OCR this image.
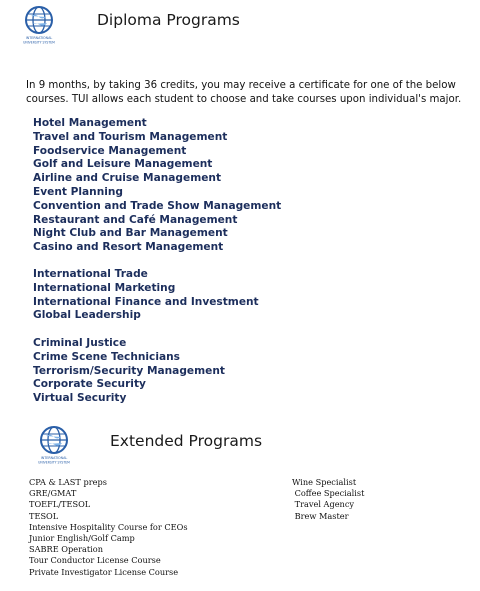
INTERNATIONAL
UNIVERSITY SYSTEM
Diploma Programs

In 9 months, by taking 36 credits, you may receive a certificate for one of the below
courses. TUI allows each student to choose and take courses upon individual's major.

Hotel Management
Travel and Tourism Management
Foodservice Management
Golf and Leisure Management
Airline and Cruise Management
Event Planning
Convention and Trade Show Management
Restaurant and Café Management
Night Club and Bar Management
Casino and Resort Management
International Trade
International Marketing
International Finance and Investment
Global Leadership
Criminal Justice
Crime Scene Technicians
Terrorism/Security Management
Corporate Security
Virtual Security
INTERNATIONAL
UNIVERSITY SYSTEM
Extended Programs
CPA & LAST preps
GRE/GMAT
TOEFL/TESOL
TESOL
Intensive Hospitality Course for CEOs
Junior English/Golf Camp
SABRE Operation
Tour Conductor License Course
Private Investigator License Course
Wine Specialist
Coffee Specialist
Travel Agency
Brew Master
